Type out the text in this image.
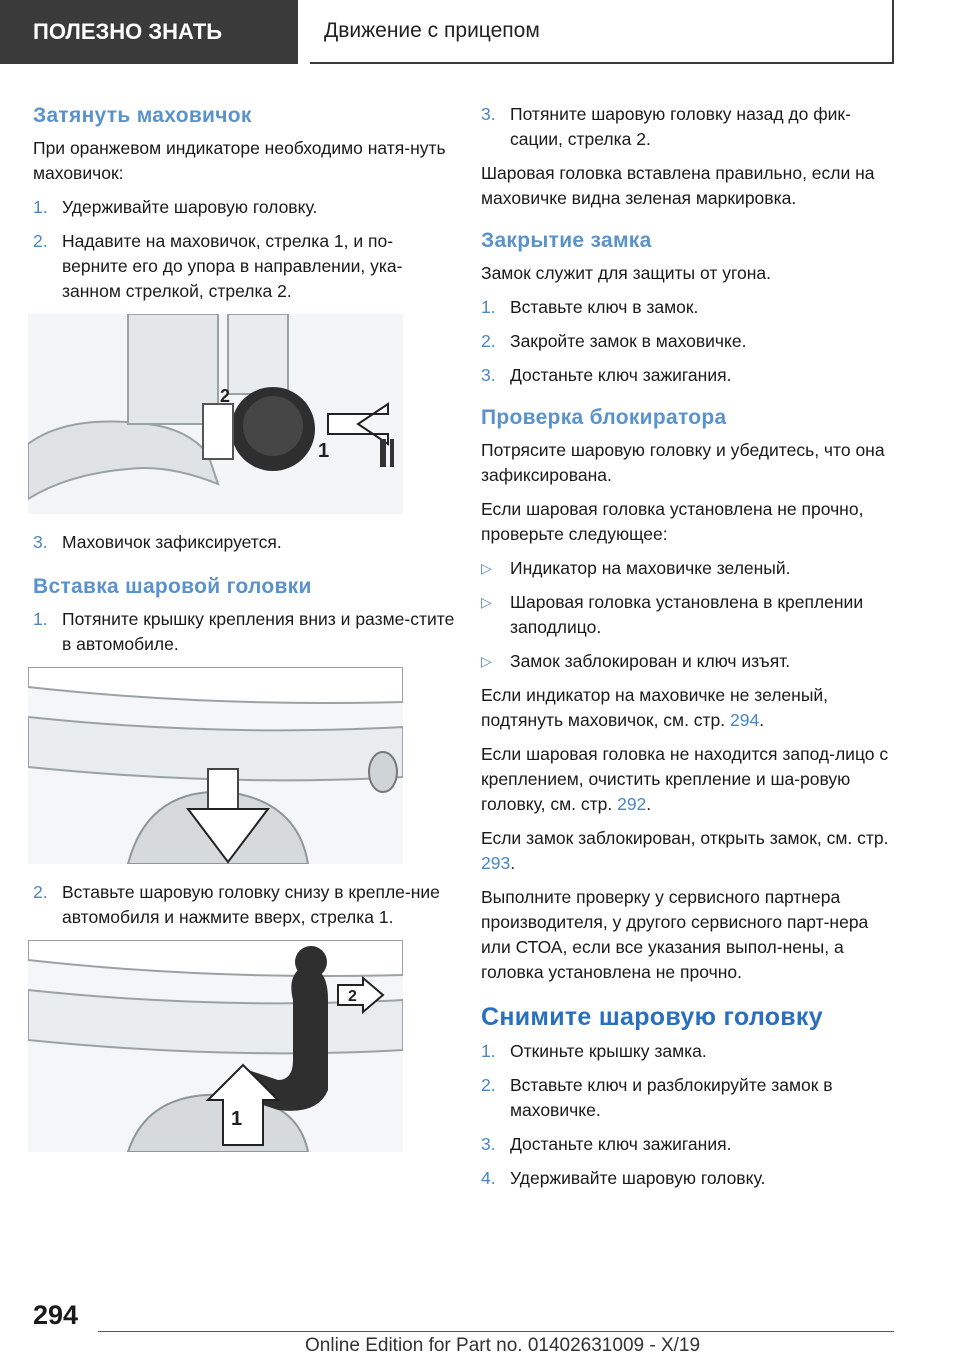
ПОЛЕЗНО ЗНАТЬ	Движение с прицепом
Затянуть маховичок

При оранжевом индикаторе необходимо натя-нуть маховичок:

1. Удерживайте шаровую головку.
2. Надавите на маховичок, стрелка 1, и по-верните его до упора в направлении, ука-занном стрелкой, стрелка 2.
1
2
3. Маховичок зафиксируется.
Вставка шаровой головки
1. Потяните крышку крепления вниз и разме-стите в автомобиле.
2. Вставьте шаровую головку снизу в крепле-ние автомобиля и нажмите вверх, стрелка 1.
1
2
3. Потяните шаровую головку назад до фик-сации, стрелка 2.

Шаровая головка вставлена правильно, если на маховичке видна зеленая маркировка.

Закрытие замка

Замок служит для защиты от угона.

1. Вставьте ключ в замок.
2. Закройте замок в маховичке.
3. Достаньте ключ зажигания.
Проверка блокиратора

Потрясите шаровую головку и убедитесь, что она зафиксирована.

Если шаровая головка установлена не прочно, проверьте следующее:

▷	Индикатор на маховичке зеленый.
▷	Шаровая головка установлена в креплении заподлицо.
▷	Замок заблокирован и ключ изъят.

Если индикатор на маховичке не зеленый, подтянуть маховичок, см. стр. 294.

Если шаровая головка не находится запод-лицо с креплением, очистить крепление и ша-ровую головку, см. стр. 292.

Если замок заблокирован, открыть замок, см. стр. 293.

Выполните проверку у сервисного партнера производителя, у другого сервисного парт-нера или СТОА, если все указания выпол-нены, а головка установлена не прочно.

Снимите шаровую головку
1. Откиньте крышку замка.
2. Вставьте ключ и разблокируйте замок в маховичке.
3. Достаньте ключ зажигания.
4. Удерживайте шаровую головку.
294
Online Edition for Part no. 01402631009 - X/19
